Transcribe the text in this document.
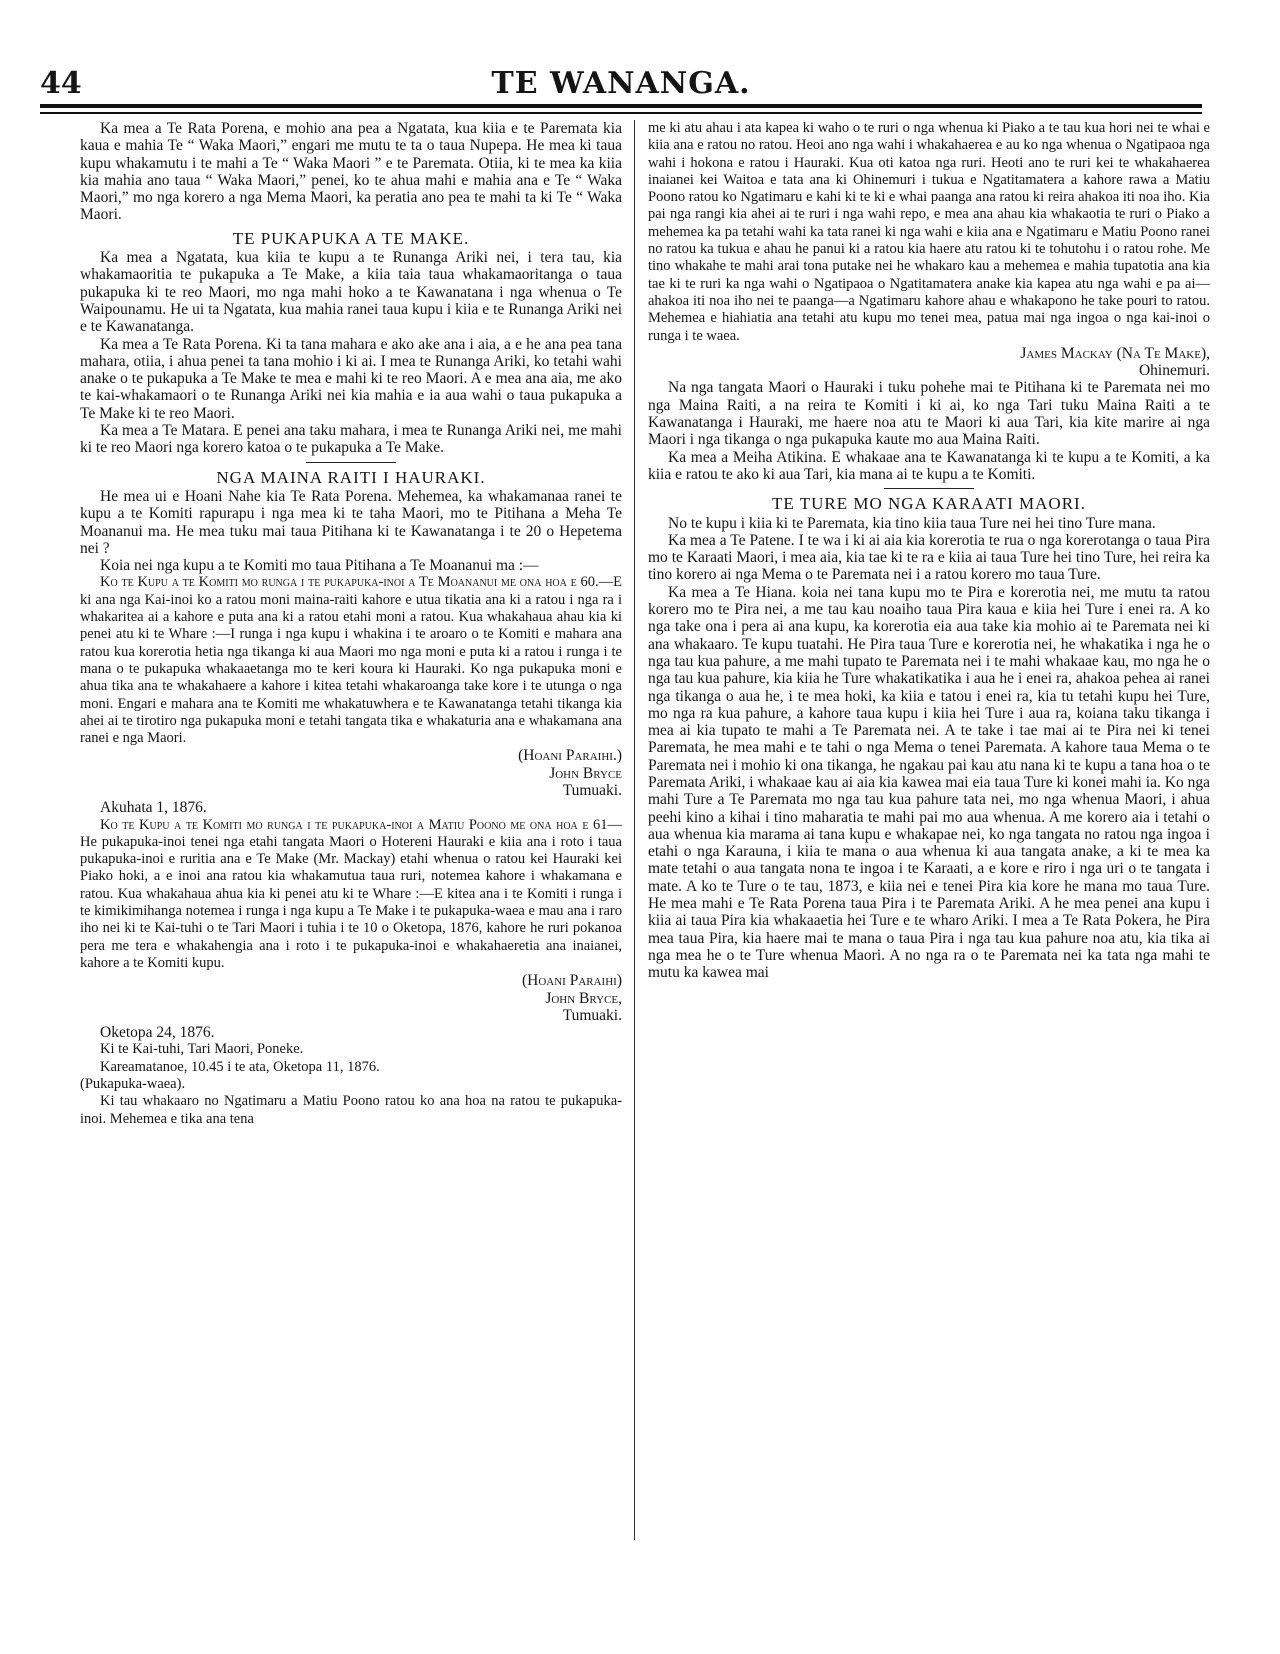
44	TE WANANGA.

Ka mea a Te Rata Porena, e mohio ana pea a Ngatata, kua kiia e te Paremata kia kaua e mahia Te “ Waka Maori,” engari me mutu te ta o taua Nupepa. He mea ki taua kupu whakamutu i te mahi a Te “ Waka Maori ” e te Paremata. Otiia, ki te mea ka kiia kia mahia ano taua “ Waka Maori,” penei, ko te ahua mahi e mahia ana e Te “ Waka Maori,” mo nga korero a nga Mema Maori, ka peratia ano pea te mahi ta ki Te “ Waka Maori.

TE PUKAPUKA A TE MAKE.

Ka mea a Ngatata, kua kiia te kupu a te Runanga Ariki nei, i tera tau, kia whakamaoritia te pukapuka a Te Make, a kiia taia taua whakamaoritanga o taua pukapuka ki te reo Maori, mo nga mahi hoko a te Kawanatana i nga whenua o Te Waipounamu. He ui ta Ngatata, kua mahia ranei taua kupu i kiia e te Runanga Ariki nei e te Kawanatanga.

Ka mea a Te Rata Porena. Ki ta tana mahara e ako ake ana i aia, a e he ana pea tana mahara, otiia, i ahua penei ta tana mohio i ki ai. I mea te Runanga Ariki, ko tetahi wahi anake o te pukapuka a Te Make te mea e mahi ki te reo Maori. A e mea ana aia, me ako te kai-whakamaori o te Runanga Ariki nei kia mahia e ia aua wahi o taua pukapuka a Te Make ki te reo Maori.

Ka mea a Te Matara. E penei ana taku mahara, i mea te Runanga Ariki nei, me mahi ki te reo Maori nga korero katoa o te pukapuka a Te Make.

NGA MAINA RAITI I HAURAKI.

He mea ui e Hoani Nahe kia Te Rata Porena. Mehemea, ka whakamanaa ranei te kupu a te Komiti rapurapu i nga mea ki te taha Maori, mo te Pitihana a Meha Te Moananui ma. He mea tuku mai taua Pitihana ki te Kawanatanga i te 20 o Hepetema nei ?

Koia nei nga kupu a te Komiti mo taua Pitihana a Te Moananui ma :—

Ko te Kupu a te Komiti mo runga i te pukapuka-inoi a Te Moananui me ona hoa e 60.—E ki ana nga Kai-inoi ko a ratou moni maina-raiti kahore e utua tikatia ana ki a ratou i nga ra i whakaritea ai a kahore e puta ana ki a ratou etahi moni a ratou. Kua whakahaua ahau kia ki penei atu ki te Whare :—I runga i nga kupu i whakina i te aroaro o te Komiti e mahara ana ratou kua korerotia hetia nga tikanga ki aua Maori mo nga moni e puta ki a ratou i runga i te mana o te pukapuka whakaaetanga mo te keri koura ki Hauraki. Ko nga pukapuka moni e ahua tika ana te whakahaere a kahore i kitea tetahi whakaroanga take kore i te utunga o nga moni. Engari e mahara ana te Komiti me whakatuwhera e te Kawanatanga tetahi tikanga kia ahei ai te tirotiro nga pukapuka moni e tetahi tangata tika e whakaturia ana e whakamana ana ranei e nga Maori.

(Hoani Paraihi.)

John Bryce

Tumuaki.

Akuhata 1, 1876.

Ko te Kupu a te Komiti mo runga i te pukapuka-inoi a Matiu Poono me ona hoa e 61—He pukapuka-inoi tenei nga etahi tangata Maori o Hotereni Hauraki e kiia ana i roto i taua pukapuka-inoi e ruritia ana e Te Make (Mr. Mackay) etahi whenua o ratou kei Hauraki kei Piako hoki, a e inoi ana ratou kia whakamutua taua ruri, notemea kahore i whakamana e ratou. Kua whakahaua ahua kia ki penei atu ki te Whare :—E kitea ana i te Komiti i runga i te kimikimihanga notemea i runga i nga kupu a Te Make i te pukapuka-waea e mau ana i raro iho nei ki te Kai-tuhi o te Tari Maori i tuhia i te 10 o Oketopa, 1876, kahore he ruri pokanoa pera me tera e whakahengia ana i roto i te pukapuka-inoi e whakahaeretia ana inaianei, kahore a te Komiti kupu.

(Hoani Paraihi)

John Bryce,

Tumuaki.

Oketopa 24, 1876.

Ki te Kai-tuhi, Tari Maori, Poneke.

Kareamatanoe, 10.45 i te ata, Oketopa 11, 1876.

(Pukapuka-waea).

Ki tau whakaaro no Ngatimaru a Matiu Poono ratou ko ana hoa na ratou te pukapuka-inoi. Mehemea e tika ana tena

me ki atu ahau i ata kapea ki waho o te ruri o nga whenua ki Piako a te tau kua hori nei te whai e kiia ana e ratou no ratou. Heoi ano nga wahi i whakahaerea e au ko nga whenua o Ngatipaoa nga wahi i hokona e ratou i Hauraki. Kua oti katoa nga ruri. Heoti ano te ruri kei te whakahaerea inaianei kei Waitoa e tata ana ki Ohinemuri i tukua e Ngatitamatera a kahore rawa a Matiu Poono ratou ko Ngatimaru e kahi ki te ki e whai paanga ana ratou ki reira ahakoa iti noa iho. Kia pai nga rangi kia ahei ai te ruri i nga wahi repo, e mea ana ahau kia whakaotia te ruri o Piako a mehemea ka pa tetahi wahi ka tata ranei ki nga wahi e kiia ana e Ngatimaru e Matiu Poono ranei no ratou ka tukua e ahau he panui ki a ratou kia haere atu ratou ki te tohutohu i o ratou rohe. Me tino whakahe te mahi arai tona putake nei he whakaro kau a mehemea e mahia tupatotia ana kia tae ki te ruri ka nga wahi o Ngatipaoa o Ngatitamatera anake kia kapea atu nga wahi e pa ai—ahakoa iti noa iho nei te paanga—a Ngatimaru kahore ahau e whakapono he take pouri to ratou. Mehemea e hiahiatia ana tetahi atu kupu mo tenei mea, patua mai nga ingoa o nga kai-inoi o runga i te waea.

James Mackay (Na Te Make),

Ohinemuri.

Na nga tangata Maori o Hauraki i tuku pohehe mai te Pitihana ki te Paremata nei mo nga Maina Raiti, a na reira te Komiti i ki ai, ko nga Tari tuku Maina Raiti a te Kawanatanga i Hauraki, me haere noa atu te Maori ki aua Tari, kia kite marire ai nga Maori i nga tikanga o nga pukapuka kaute mo aua Maina Raiti.

Ka mea a Meiha Atikina. E whakaae ana te Kawanatanga ki te kupu a te Komiti, a ka kiia e ratou te ako ki aua Tari, kia mana ai te kupu a te Komiti.

TE TURE MO NGA KARAATI MAORI.

No te kupu i kiia ki te Paremata, kia tino kiia taua Ture nei hei tino Ture mana.

Ka mea a Te Patene. I te wa i ki ai aia kia korerotia te rua o nga korerotanga o taua Pira mo te Karaati Maori, i mea aia, kia tae ki te ra e kiia ai taua Ture hei tino Ture, hei reira ka tino korero ai nga Mema o te Paremata nei i a ratou korero mo taua Ture.

Ka mea a Te Hiana. koia nei tana kupu mo te Pira e korerotia nei, me mutu ta ratou korero mo te Pira nei, a me tau kau noaiho taua Pira kaua e kiia hei Ture i enei ra. A ko nga take ona i pera ai ana kupu, ka korerotia eia aua take kia mohio ai te Paremata nei ki ana whakaaro. Te kupu tuatahi. He Pira taua Ture e korerotia nei, he whakatika i nga he o nga tau kua pahure, a me mahi tupato te Paremata nei i te mahi whakaae kau, mo nga he o nga tau kua pahure, kia kiia he Ture whakatikatika i aua he i enei ra, ahakoa pehea ai ranei nga tikanga o aua he, i te mea hoki, ka kiia e tatou i enei ra, kia tu tetahi kupu hei Ture, mo nga ra kua pahure, a kahore taua kupu i kiia hei Ture i aua ra, koiana taku tikanga i mea ai kia tupato te mahi a Te Paremata nei. A te take i tae mai ai te Pira nei ki tenei Paremata, he mea mahi e te tahi o nga Mema o tenei Paremata. A kahore taua Mema o te Paremata nei i mohio ki ona tikanga, he ngakau pai kau atu nana ki te kupu a tana hoa o te Paremata Ariki, i whakaae kau ai aia kia kawea mai eia taua Ture ki konei mahi ia. Ko nga mahi Ture a Te Paremata mo nga tau kua pahure tata nei, mo nga whenua Maori, i ahua peehi kino a kihai i tino maharatia te mahi pai mo aua whenua. A me korero aia i tetahi o aua whenua kia marama ai tana kupu e whakapae nei, ko nga tangata no ratou nga ingoa i etahi o nga Karauna, i kiia te mana o aua whenua ki aua tangata anake, a ki te mea ka mate tetahi o aua tangata nona te ingoa i te Karaati, a e kore e riro i nga uri o te tangata i mate. A ko te Ture o te tau, 1873, e kiia nei e tenei Pira kia kore he mana mo taua Ture. He mea mahi e Te Rata Porena taua Pira i te Paremata Ariki. A he mea penei ana kupu i kiia ai taua Pira kia whakaaetia hei Ture e te wharo Ariki. I mea a Te Rata Pokera, he Pira mea taua Pira, kia haere mai te mana o taua Pira i nga tau kua pahure noa atu, kia tika ai nga mea he o te Ture whenua Maori. A no nga ra o te Paremata nei ka tata nga mahi te mutu ka kawea mai
